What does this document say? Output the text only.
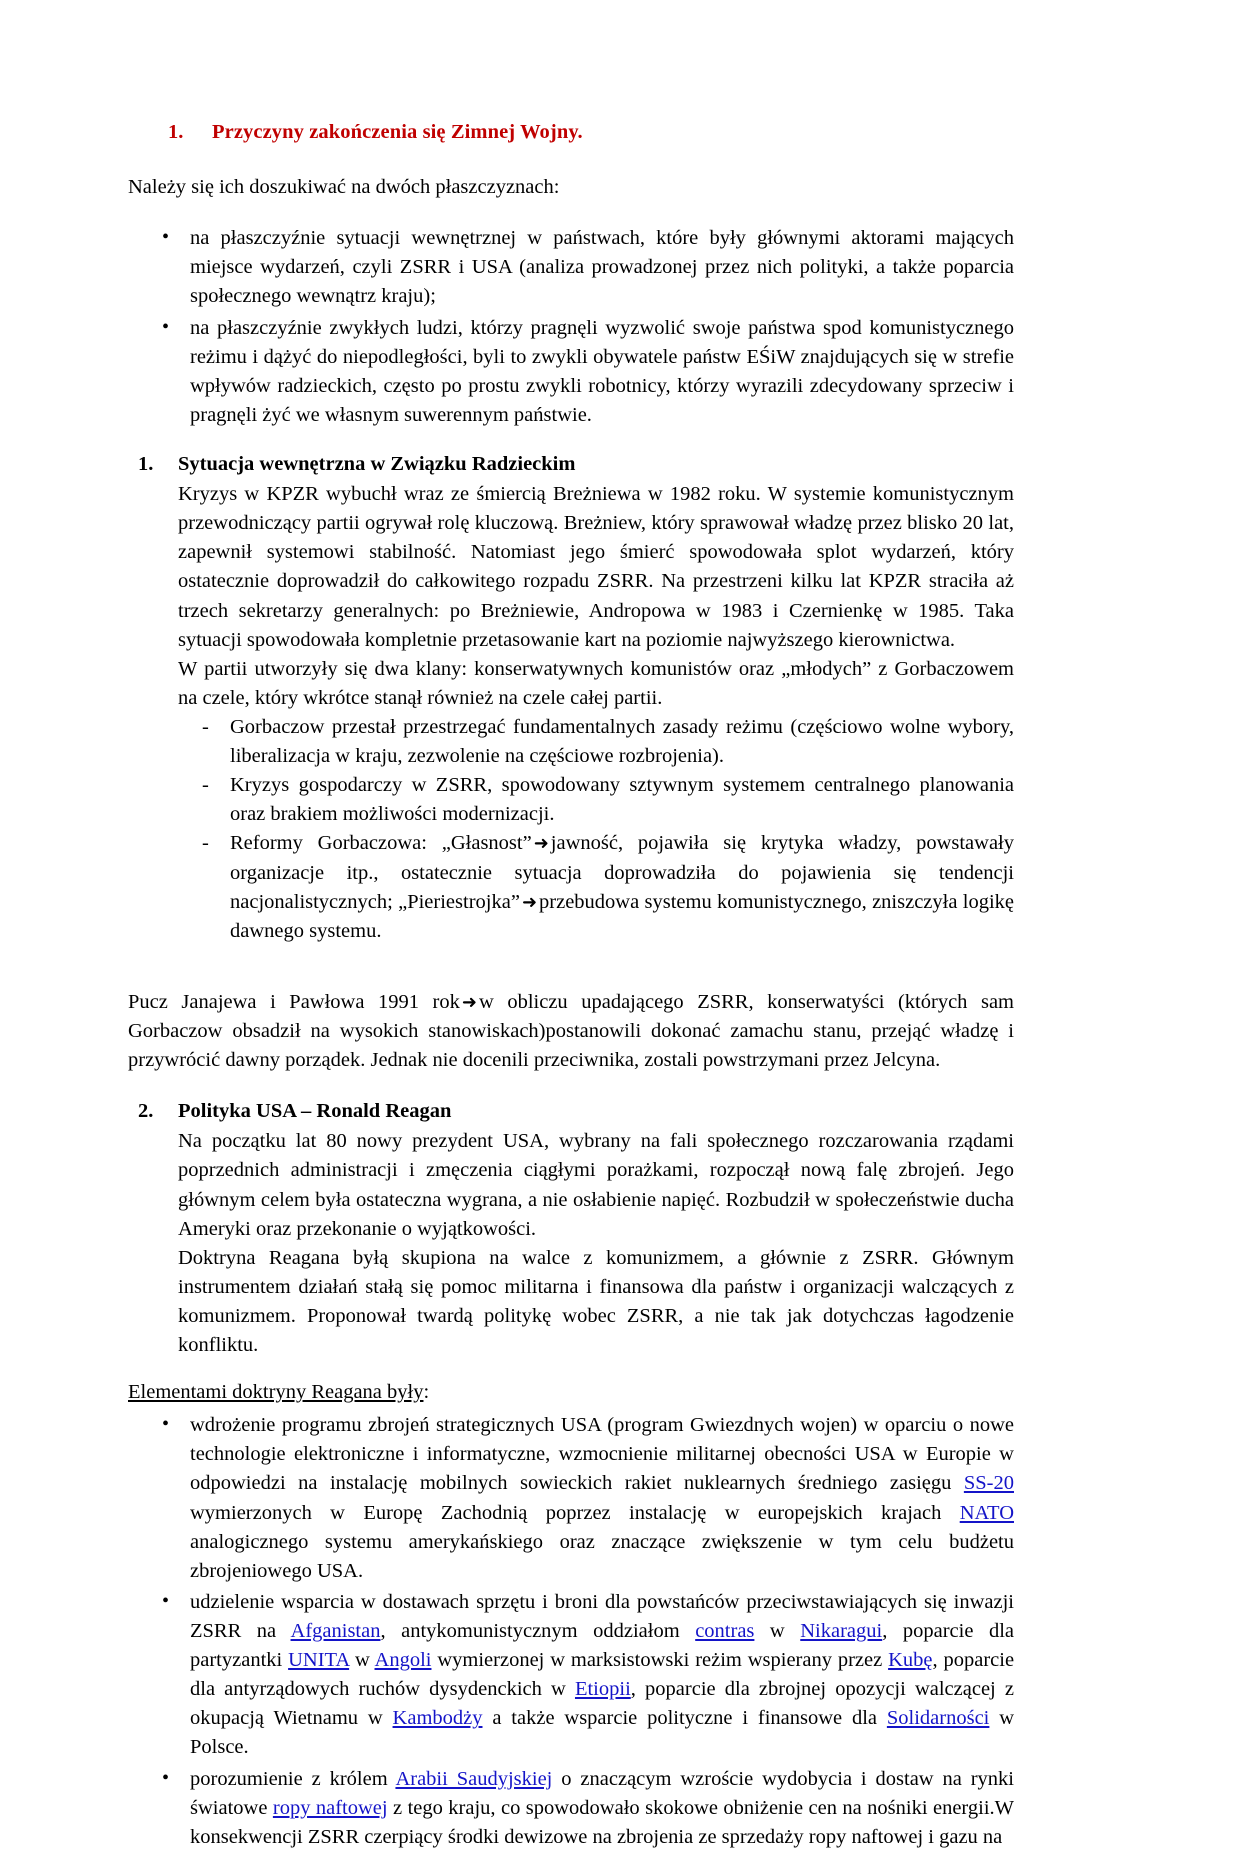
1.	Przyczyny zakończenia się Zimnej Wojny.

Należy się ich doszukiwać na dwóch płaszczyznach:

• na płaszczyźnie sytuacji wewnętrznej w państwach, które były głównymi aktorami mających miejsce wydarzeń, czyli ZSRR i USA (analiza prowadzonej przez nich polityki, a także poparcia społecznego wewnątrz kraju);
• na płaszczyźnie zwykłych ludzi, którzy pragnęli wyzwolić swoje państwa spod komunistycznego reżimu i dążyć do niepodległości, byli to zwykli obywatele państw EŚiW znajdujących się w strefie wpływów radzieckich, często po prostu zwykli robotnicy, którzy wyrazili zdecydowany sprzeciw i pragnęli żyć we własnym suwerennym państwie.
1. Sytuacja wewnętrzna w Związku Radzieckim

Kryzys w KPZR wybuchł wraz ze śmiercią Breżniewa w 1982 roku. W systemie komunistycznym przewodniczący partii ogrywał rolę kluczową. Breżniew, który sprawował władzę przez blisko 20 lat, zapewnił systemowi stabilność. Natomiast jego śmierć spowodowała splot wydarzeń, który ostatecznie doprowadził do całkowitego rozpadu ZSRR. Na przestrzeni kilku lat KPZR straciła aż trzech sekretarzy generalnych: po Breżniewie, Andropowa w 1983 i Czernienkę w 1985. Taka sytuacji spowodowała kompletnie przetasowanie kart na poziomie najwyższego kierownictwa.

W partii utworzyły się dwa klany: konserwatywnych komunistów oraz „młodych” z Gorbaczowem na czele, który wkrótce stanął również na czele całej partii.

- Gorbaczow przestał przestrzegać fundamentalnych zasady reżimu (częściowo wolne wybory, liberalizacja w kraju, zezwolenie na częściowe rozbrojenia).
- Kryzys gospodarczy w ZSRR, spowodowany sztywnym systemem centralnego planowania oraz brakiem możliwości modernizacji.
- Reformy Gorbaczowa: „Głasnost” ➜jawność, pojawiła się krytyka władzy, powstawały organizacje itp., ostatecznie sytuacja doprowadziła do pojawienia się tendencji nacjonalistycznych; „Pieriestrojka” ➜przebudowa systemu komunistycznego, zniszczyła logikę dawnego systemu.

Pucz Janajewa i Pawłowa 1991 rok ➜w obliczu upadającego ZSRR, konserwatyści (których sam Gorbaczow obsadził na wysokich stanowiskach)postanowili dokonać zamachu stanu, przejąć władzę i przywrócić dawny porządek. Jednak nie docenili przeciwnika, zostali powstrzymani przez Jelcyna.

2. Polityka USA – Ronald Reagan

Na początku lat 80 nowy prezydent USA, wybrany na fali społecznego rozczarowania rządami poprzednich administracji i zmęczenia ciągłymi porażkami, rozpoczął nową falę zbrojeń. Jego głównym celem była ostateczna wygrana, a nie osłabienie napięć. Rozbudził w społeczeństwie ducha Ameryki oraz przekonanie o wyjątkowości.

Doktryna Reagana byłą skupiona na walce z komunizmem, a głównie z ZSRR. Głównym instrumentem działań stałą się pomoc militarna i finansowa dla państw i organizacji walczących z komunizmem. Proponował twardą politykę wobec ZSRR, a nie tak jak dotychczas łagodzenie konfliktu.

Elementami doktryny Reagana były:

• wdrożenie programu zbrojeń strategicznych USA (program Gwiezdnych wojen) w oparciu o nowe technologie elektroniczne i informatyczne, wzmocnienie militarnej obecności USA w Europie w odpowiedzi na instalację mobilnych sowieckich rakiet nuklearnych średniego zasięgu SS-20 wymierzonych w Europę Zachodnią poprzez instalację w europejskich krajach NATO analogicznego systemu amerykańskiego oraz znaczące zwiększenie w tym celu budżetu zbrojeniowego USA.
• udzielenie wsparcia w dostawach sprzętu i broni dla powstańców przeciwstawiających się inwazji ZSRR na Afganistan, antykomunistycznym oddziałom contras w Nikaragui, poparcie dla partyzantki UNITA w Angoli wymierzonej w marksistowski reżim wspierany przez Kubę, poparcie dla antyrządowych ruchów dysydenckich w Etiopii, poparcie dla zbrojnej opozycji walczącej z okupacją Wietnamu w Kambodży a także wsparcie polityczne i finansowe dla Solidarności w Polsce.
• porozumienie z królem Arabii Saudyjskiej o znaczącym wzroście wydobycia i dostaw na rynki światowe ropy naftowej z tego kraju, co spowodowało skokowe obniżenie cen na nośniki energii.W konsekwencji ZSRR czerpiący środki dewizowe na zbrojenia ze sprzedaży ropy naftowej i gazu na
